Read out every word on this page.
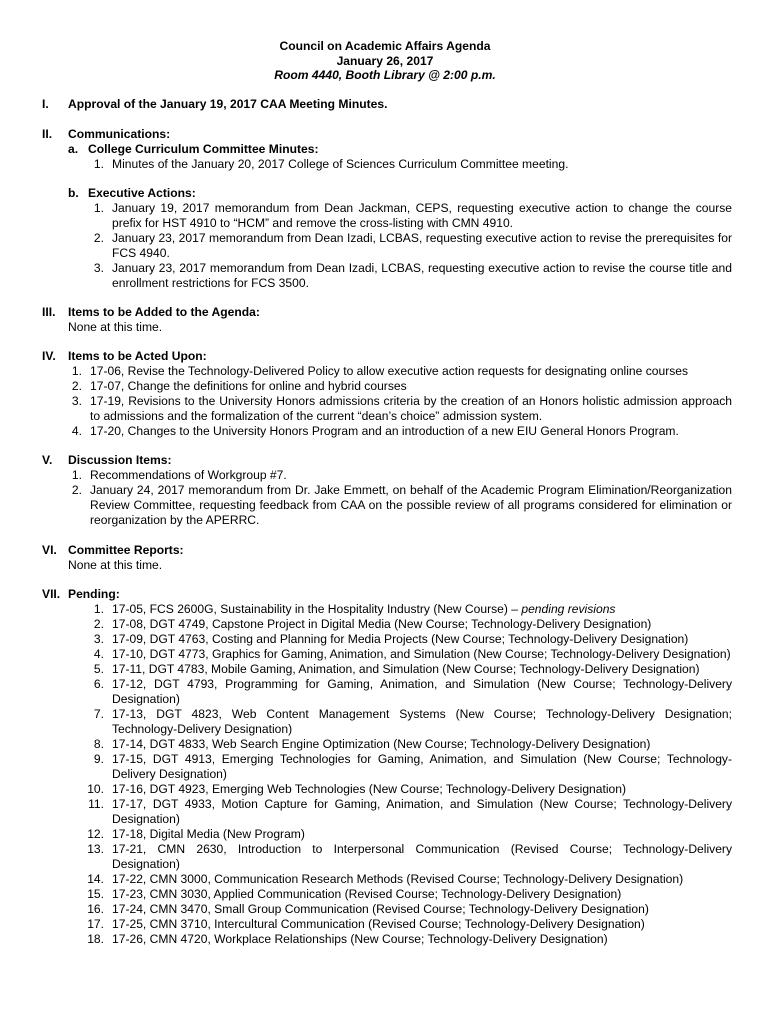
Council on Academic Affairs Agenda
January 26, 2017
Room 4440, Booth Library @ 2:00 p.m.
I. Approval of the January 19, 2017 CAA Meeting Minutes.
II. Communications:
a. College Curriculum Committee Minutes:
1. Minutes of the January 20, 2017 College of Sciences Curriculum Committee meeting.
b. Executive Actions:
1. January 19, 2017 memorandum from Dean Jackman, CEPS, requesting executive action to change the course prefix for HST 4910 to “HCM” and remove the cross-listing with CMN 4910.
2. January 23, 2017 memorandum from Dean Izadi, LCBAS, requesting executive action to revise the prerequisites for FCS 4940.
3. January 23, 2017 memorandum from Dean Izadi, LCBAS, requesting executive action to revise the course title and enrollment restrictions for FCS 3500.
III. Items to be Added to the Agenda:
None at this time.
IV. Items to be Acted Upon:
1. 17-06, Revise the Technology-Delivered Policy to allow executive action requests for designating online courses
2. 17-07, Change the definitions for online and hybrid courses
3. 17-19, Revisions to the University Honors admissions criteria by the creation of an Honors holistic admission approach to admissions and the formalization of the current “dean’s choice” admission system.
4. 17-20, Changes to the University Honors Program and an introduction of a new EIU General Honors Program.
V. Discussion Items:
1. Recommendations of Workgroup #7.
2. January 24, 2017 memorandum from Dr. Jake Emmett, on behalf of the Academic Program Elimination/Reorganization Review Committee, requesting feedback from CAA on the possible review of all programs considered for elimination or reorganization by the APERRC.
VI. Committee Reports:
None at this time.
VII. Pending:
1. 17-05, FCS 2600G, Sustainability in the Hospitality Industry (New Course) – pending revisions
2. 17-08, DGT 4749, Capstone Project in Digital Media (New Course; Technology-Delivery Designation)
3. 17-09, DGT 4763, Costing and Planning for Media Projects (New Course; Technology-Delivery Designation)
4. 17-10, DGT 4773, Graphics for Gaming, Animation, and Simulation (New Course; Technology-Delivery Designation)
5. 17-11, DGT 4783, Mobile Gaming, Animation, and Simulation (New Course; Technology-Delivery Designation)
6. 17-12, DGT 4793, Programming for Gaming, Animation, and Simulation (New Course; Technology-Delivery Designation)
7. 17-13, DGT 4823, Web Content Management Systems (New Course; Technology-Delivery Designation; Technology-Delivery Designation)
8. 17-14, DGT 4833, Web Search Engine Optimization (New Course; Technology-Delivery Designation)
9. 17-15, DGT 4913, Emerging Technologies for Gaming, Animation, and Simulation (New Course; Technology-Delivery Designation)
10. 17-16, DGT 4923, Emerging Web Technologies (New Course; Technology-Delivery Designation)
11. 17-17, DGT 4933, Motion Capture for Gaming, Animation, and Simulation (New Course; Technology-Delivery Designation)
12. 17-18, Digital Media (New Program)
13. 17-21, CMN 2630, Introduction to Interpersonal Communication (Revised Course; Technology-Delivery Designation)
14. 17-22, CMN 3000, Communication Research Methods (Revised Course; Technology-Delivery Designation)
15. 17-23, CMN 3030, Applied Communication (Revised Course; Technology-Delivery Designation)
16. 17-24, CMN 3470, Small Group Communication (Revised Course; Technology-Delivery Designation)
17. 17-25, CMN 3710, Intercultural Communication (Revised Course; Technology-Delivery Designation)
18. 17-26, CMN 4720, Workplace Relationships (New Course; Technology-Delivery Designation)
